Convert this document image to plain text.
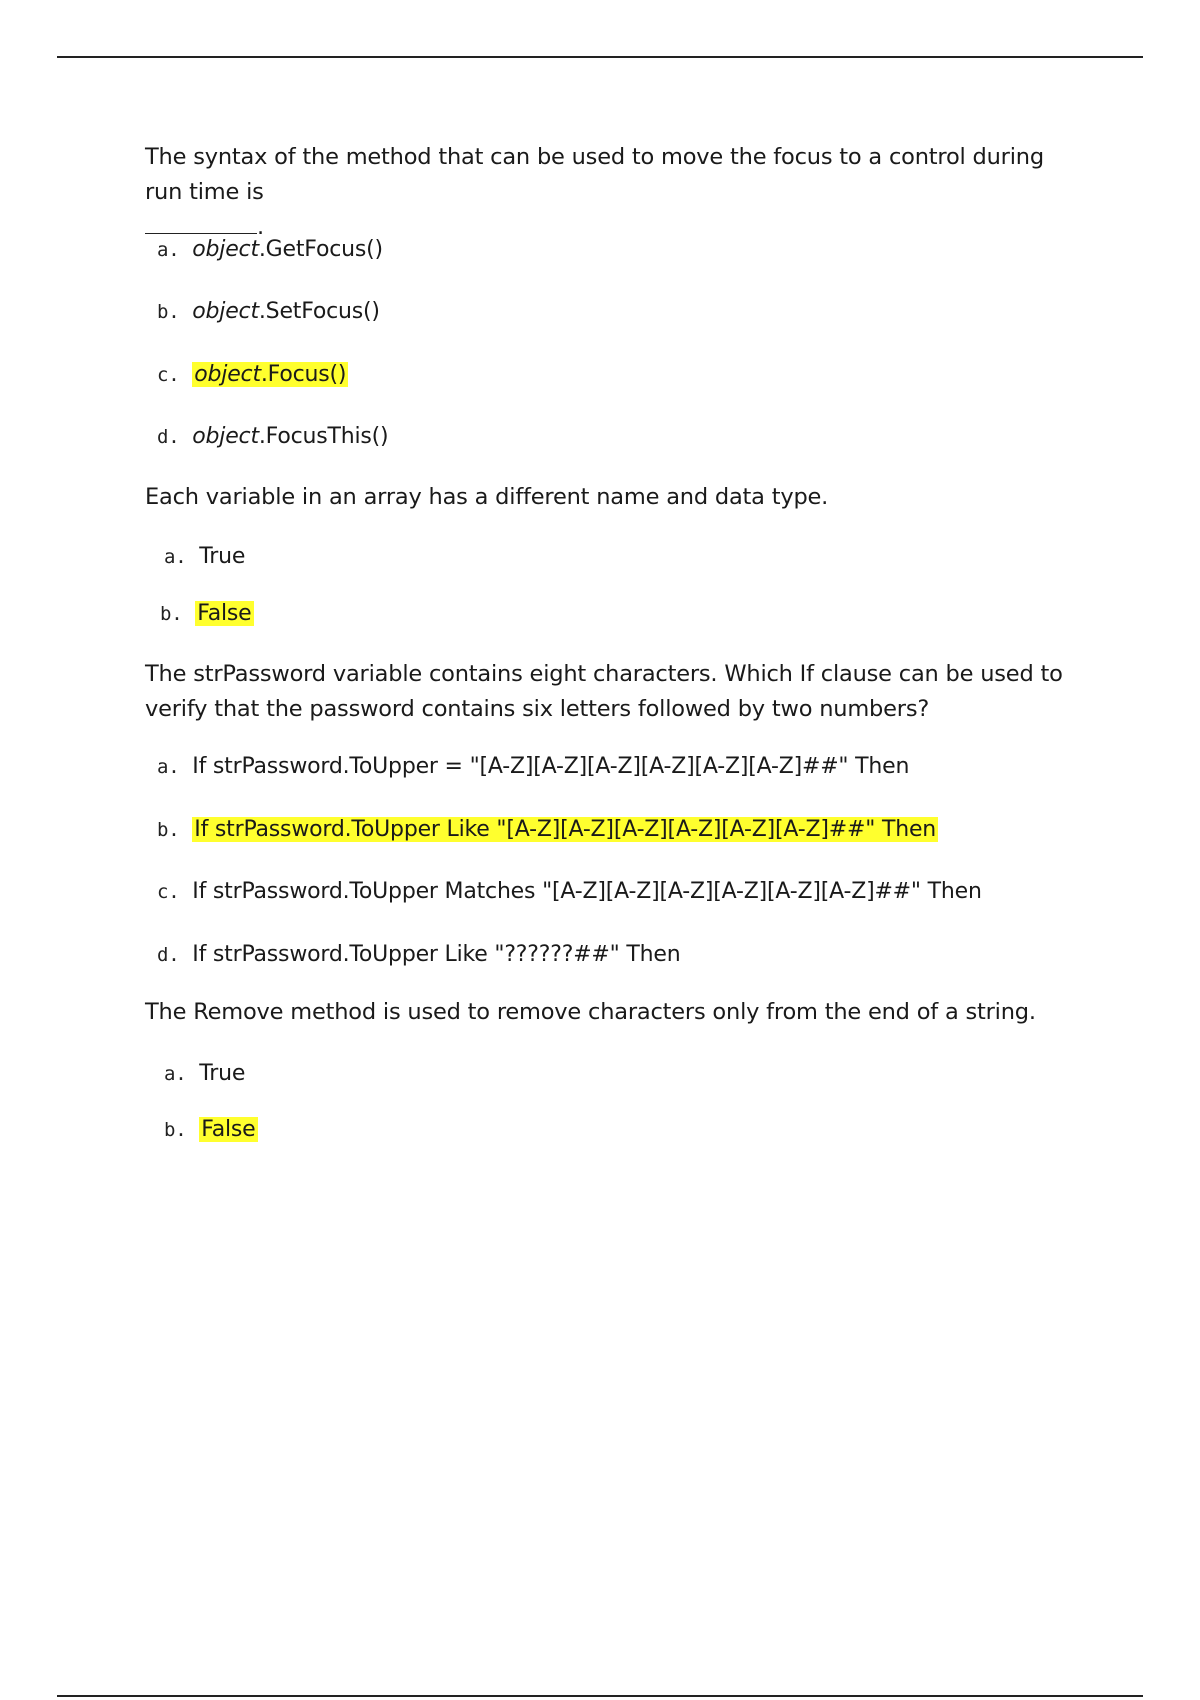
The syntax of the method that can be used to move the focus to a control during run time is
.
a. object.GetFocus()
b. object.SetFocus()
c. object.Focus()
d. object.FocusThis()
Each variable in an array has a different name and data type.
a. True
b. False
The strPassword variable contains eight characters. Which If clause can be used to verify that the password contains six letters followed by two numbers?
a. If strPassword.ToUpper = "[A-Z][A-Z][A-Z][A-Z][A-Z][A-Z]##" Then
b. If strPassword.ToUpper Like "[A-Z][A-Z][A-Z][A-Z][A-Z][A-Z]##" Then
c. If strPassword.ToUpper Matches "[A-Z][A-Z][A-Z][A-Z][A-Z][A-Z]##" Then
d. If strPassword.ToUpper Like "??????##" Then
The Remove method is used to remove characters only from the end of a string.
a. True
b. False
